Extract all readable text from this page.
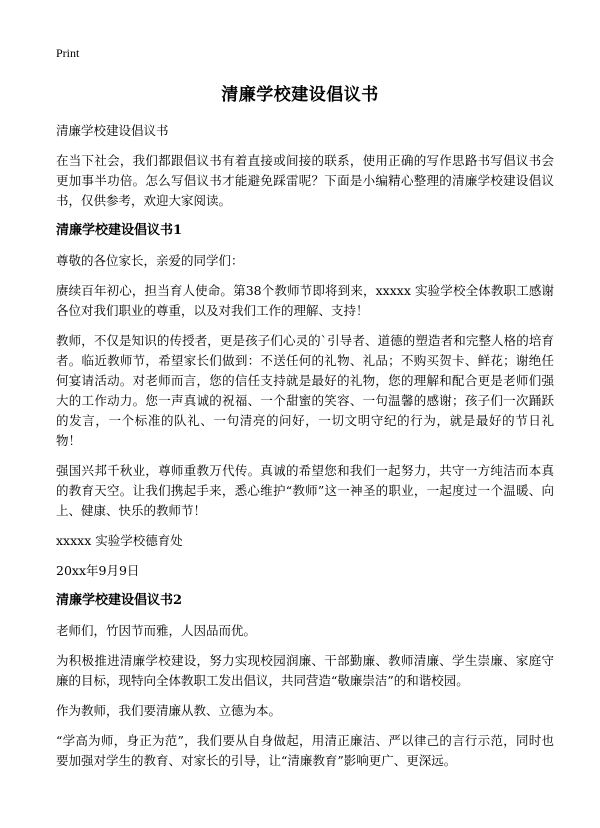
Print
清廉学校建设倡议书

清廉学校建设倡议书

在当下社会，我们都跟倡议书有着直接或间接的联系，使用正确的写作思路书写倡议书会更加事半功倍。怎么写倡议书才能避免踩雷呢？下面是小编精心整理的清廉学校建设倡议书，仅供参考，欢迎大家阅读。

清廉学校建设倡议书1

尊敬的各位家长，亲爱的同学们：

赓续百年初心，担当育人使命。第38个教师节即将到来，xxxxx 实验学校全体教职工感谢各位对我们职业的尊重，以及对我们工作的理解、支持！

教师，不仅是知识的传授者，更是孩子们心灵的`引导者、道德的塑造者和完整人格的培育者。临近教师节，希望家长们做到：不送任何的礼物、礼品；不购买贺卡、鲜花；谢绝任何宴请活动。对老师而言，您的信任支持就是最好的礼物，您的理解和配合更是老师们强大的工作动力。您一声真诚的祝福、一个甜蜜的笑容、一句温馨的感谢；孩子们一次踊跃的发言，一个标准的队礼、一句清亮的问好，一切文明守纪的行为，就是最好的节日礼物！

强国兴邦千秋业，尊师重教万代传。真诚的希望您和我们一起努力，共守一方纯洁而本真的教育天空。让我们携起手来，悉心维护“教师”这一神圣的职业，一起度过一个温暖、向上、健康、快乐的教师节！

xxxxx 实验学校德育处

20xx年9月9日

清廉学校建设倡议书2

老师们，竹因节而雅，人因品而优。

为积极推进清廉学校建设，努力实现校园润廉、干部勤廉、教师清廉、学生崇廉、家庭守廉的目标，现特向全体教职工发出倡议，共同营造“敬廉崇洁”的和谐校园。

作为教师，我们要清廉从教、立德为本。

“学高为师，身正为范”，我们要从自身做起，用清正廉洁、严以律己的言行示范，同时也要加强对学生的教育、对家长的引导，让“清廉教育”影响更广、更深远。
